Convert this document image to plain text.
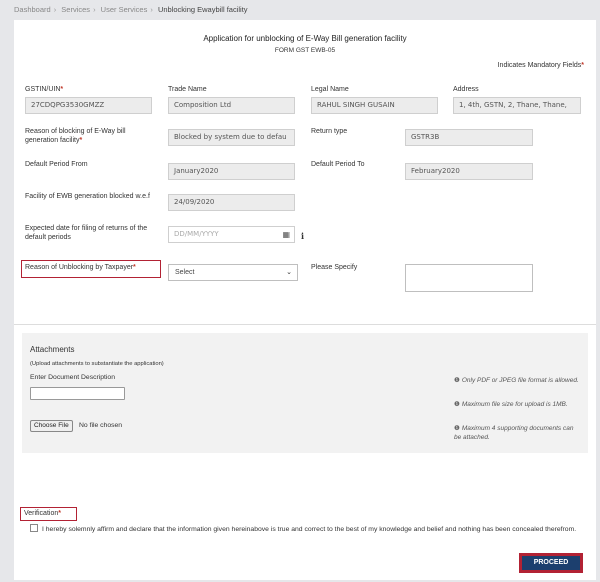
Dashboard › Services › User Services › Unblocking Ewaybill facility
Application for unblocking of E-Way Bill generation facility
FORM GST EWB-05
Indicates Mandatory Fields*
GSTIN/UIN*
27CDQPG3530GMZZ
Trade Name
Composition Ltd
Legal Name
RAHUL SINGH GUSAIN
Address
1, 4th, GSTN, 2, Thane, Thane,
Reason of blocking of E-Way bill generation facility*	Blocked by system due to defau
Return type
GSTR3B
Default Period From
January2020
Default Period To
February2020
Facility of EWB generation blocked w.e.f
24/09/2020
Expected date for filing of returns of the default periods	DD/MM/YYYY	▦ i
Reason of Unblocking by Taxpayer*
Select	⌄
Please Specify
Attachments
(Upload attachments to substantiate the application)
Enter Document Description
Choose File	No file chosen
❶ Only PDF or JPEG file format is allowed.
❶ Maximum file size for upload is 1MB.
❶ Maximum 4 supporting documents can be attached.
Verification*
I hereby solemnly affirm and declare that the information given hereinabove is true and correct to the best of my knowledge and belief and nothing has been concealed therefrom.
PROCEED
